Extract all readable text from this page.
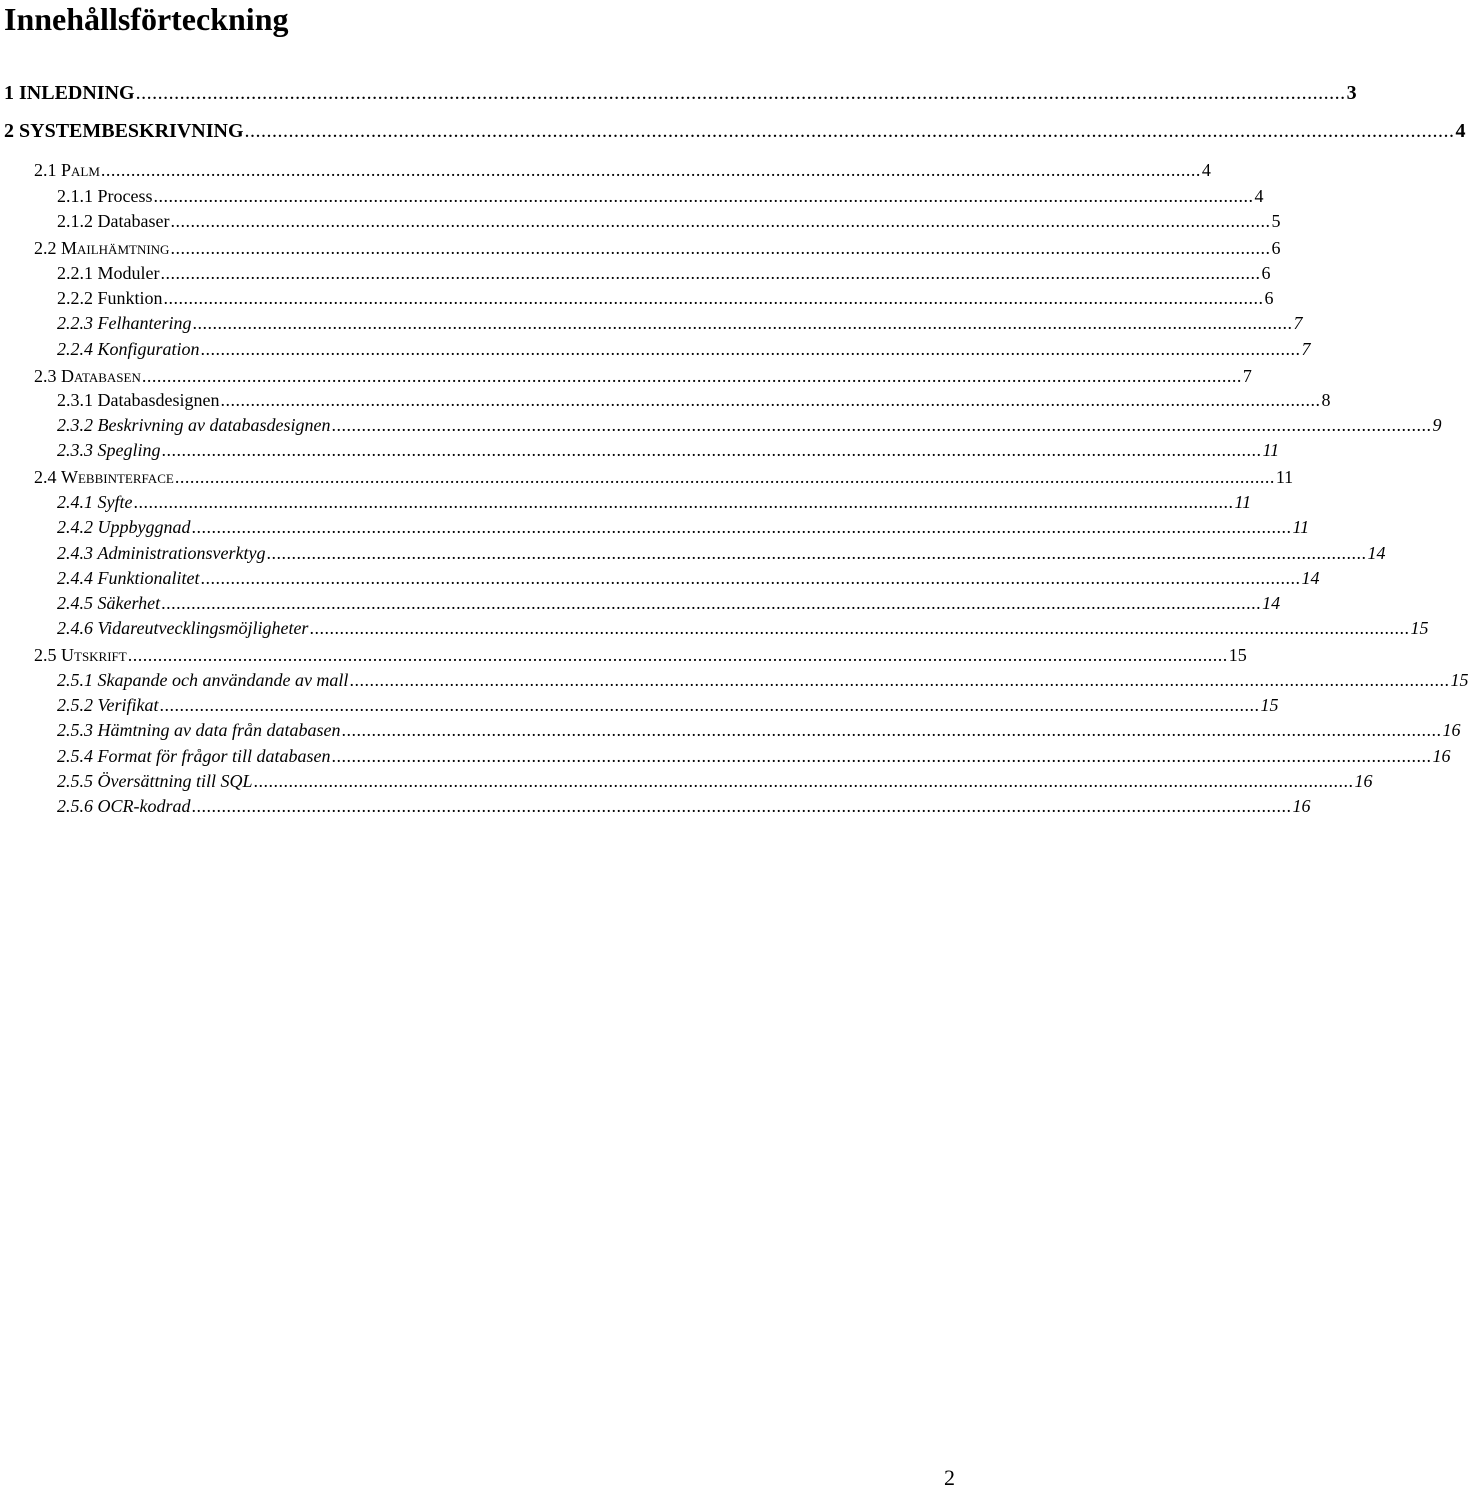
Innehållsförteckning
1
INLEDNING ............................................................................................................................................................................................................................ 3
2
SYSTEMBESKRIVNING ............................................................................................................................................................................................................................ 4
2.1
Palm ............................................................................................................................................................................................................................ 4
2.1.1
Process ............................................................................................................................................................................................................................ 4
2.1.2
Databaser ............................................................................................................................................................................................................................ 5
2.2
Mailhämtning ............................................................................................................................................................................................................................ 6
2.2.1
Moduler ............................................................................................................................................................................................................................ 6
2.2.2
Funktion ............................................................................................................................................................................................................................ 6
2.2.3
Felhantering ............................................................................................................................................................................................................................ 7
2.2.4
Konfiguration ............................................................................................................................................................................................................................ 7
2.3
Databasen ............................................................................................................................................................................................................................ 7
2.3.1
Databasdesignen ............................................................................................................................................................................................................................ 8
2.3.2
Beskrivning av databasdesignen ............................................................................................................................................................................................................................ 9
2.3.3
Spegling ............................................................................................................................................................................................................................ 11
2.4
Webbinterface ............................................................................................................................................................................................................................ 11
2.4.1
Syfte ............................................................................................................................................................................................................................ 11
2.4.2
Uppbyggnad ............................................................................................................................................................................................................................ 11
2.4.3
Administrationsverktyg ............................................................................................................................................................................................................................ 14
2.4.4
Funktionalitet ............................................................................................................................................................................................................................ 14
2.4.5
Säkerhet ............................................................................................................................................................................................................................ 14
2.4.6
Vidareutvecklingsmöjligheter ............................................................................................................................................................................................................................ 15
2.5
Utskrift ............................................................................................................................................................................................................................ 15
2.5.1
Skapande och användande av mall ............................................................................................................................................................................................................................ 15
2.5.2
Verifikat ............................................................................................................................................................................................................................ 15
2.5.3
Hämtning av data från databasen ............................................................................................................................................................................................................................ 16
2.5.4
Format för frågor till databasen ............................................................................................................................................................................................................................ 16
2.5.5
Översättning till SQL ............................................................................................................................................................................................................................ 16
2.5.6
OCR-kodrad ............................................................................................................................................................................................................................ 16
2
